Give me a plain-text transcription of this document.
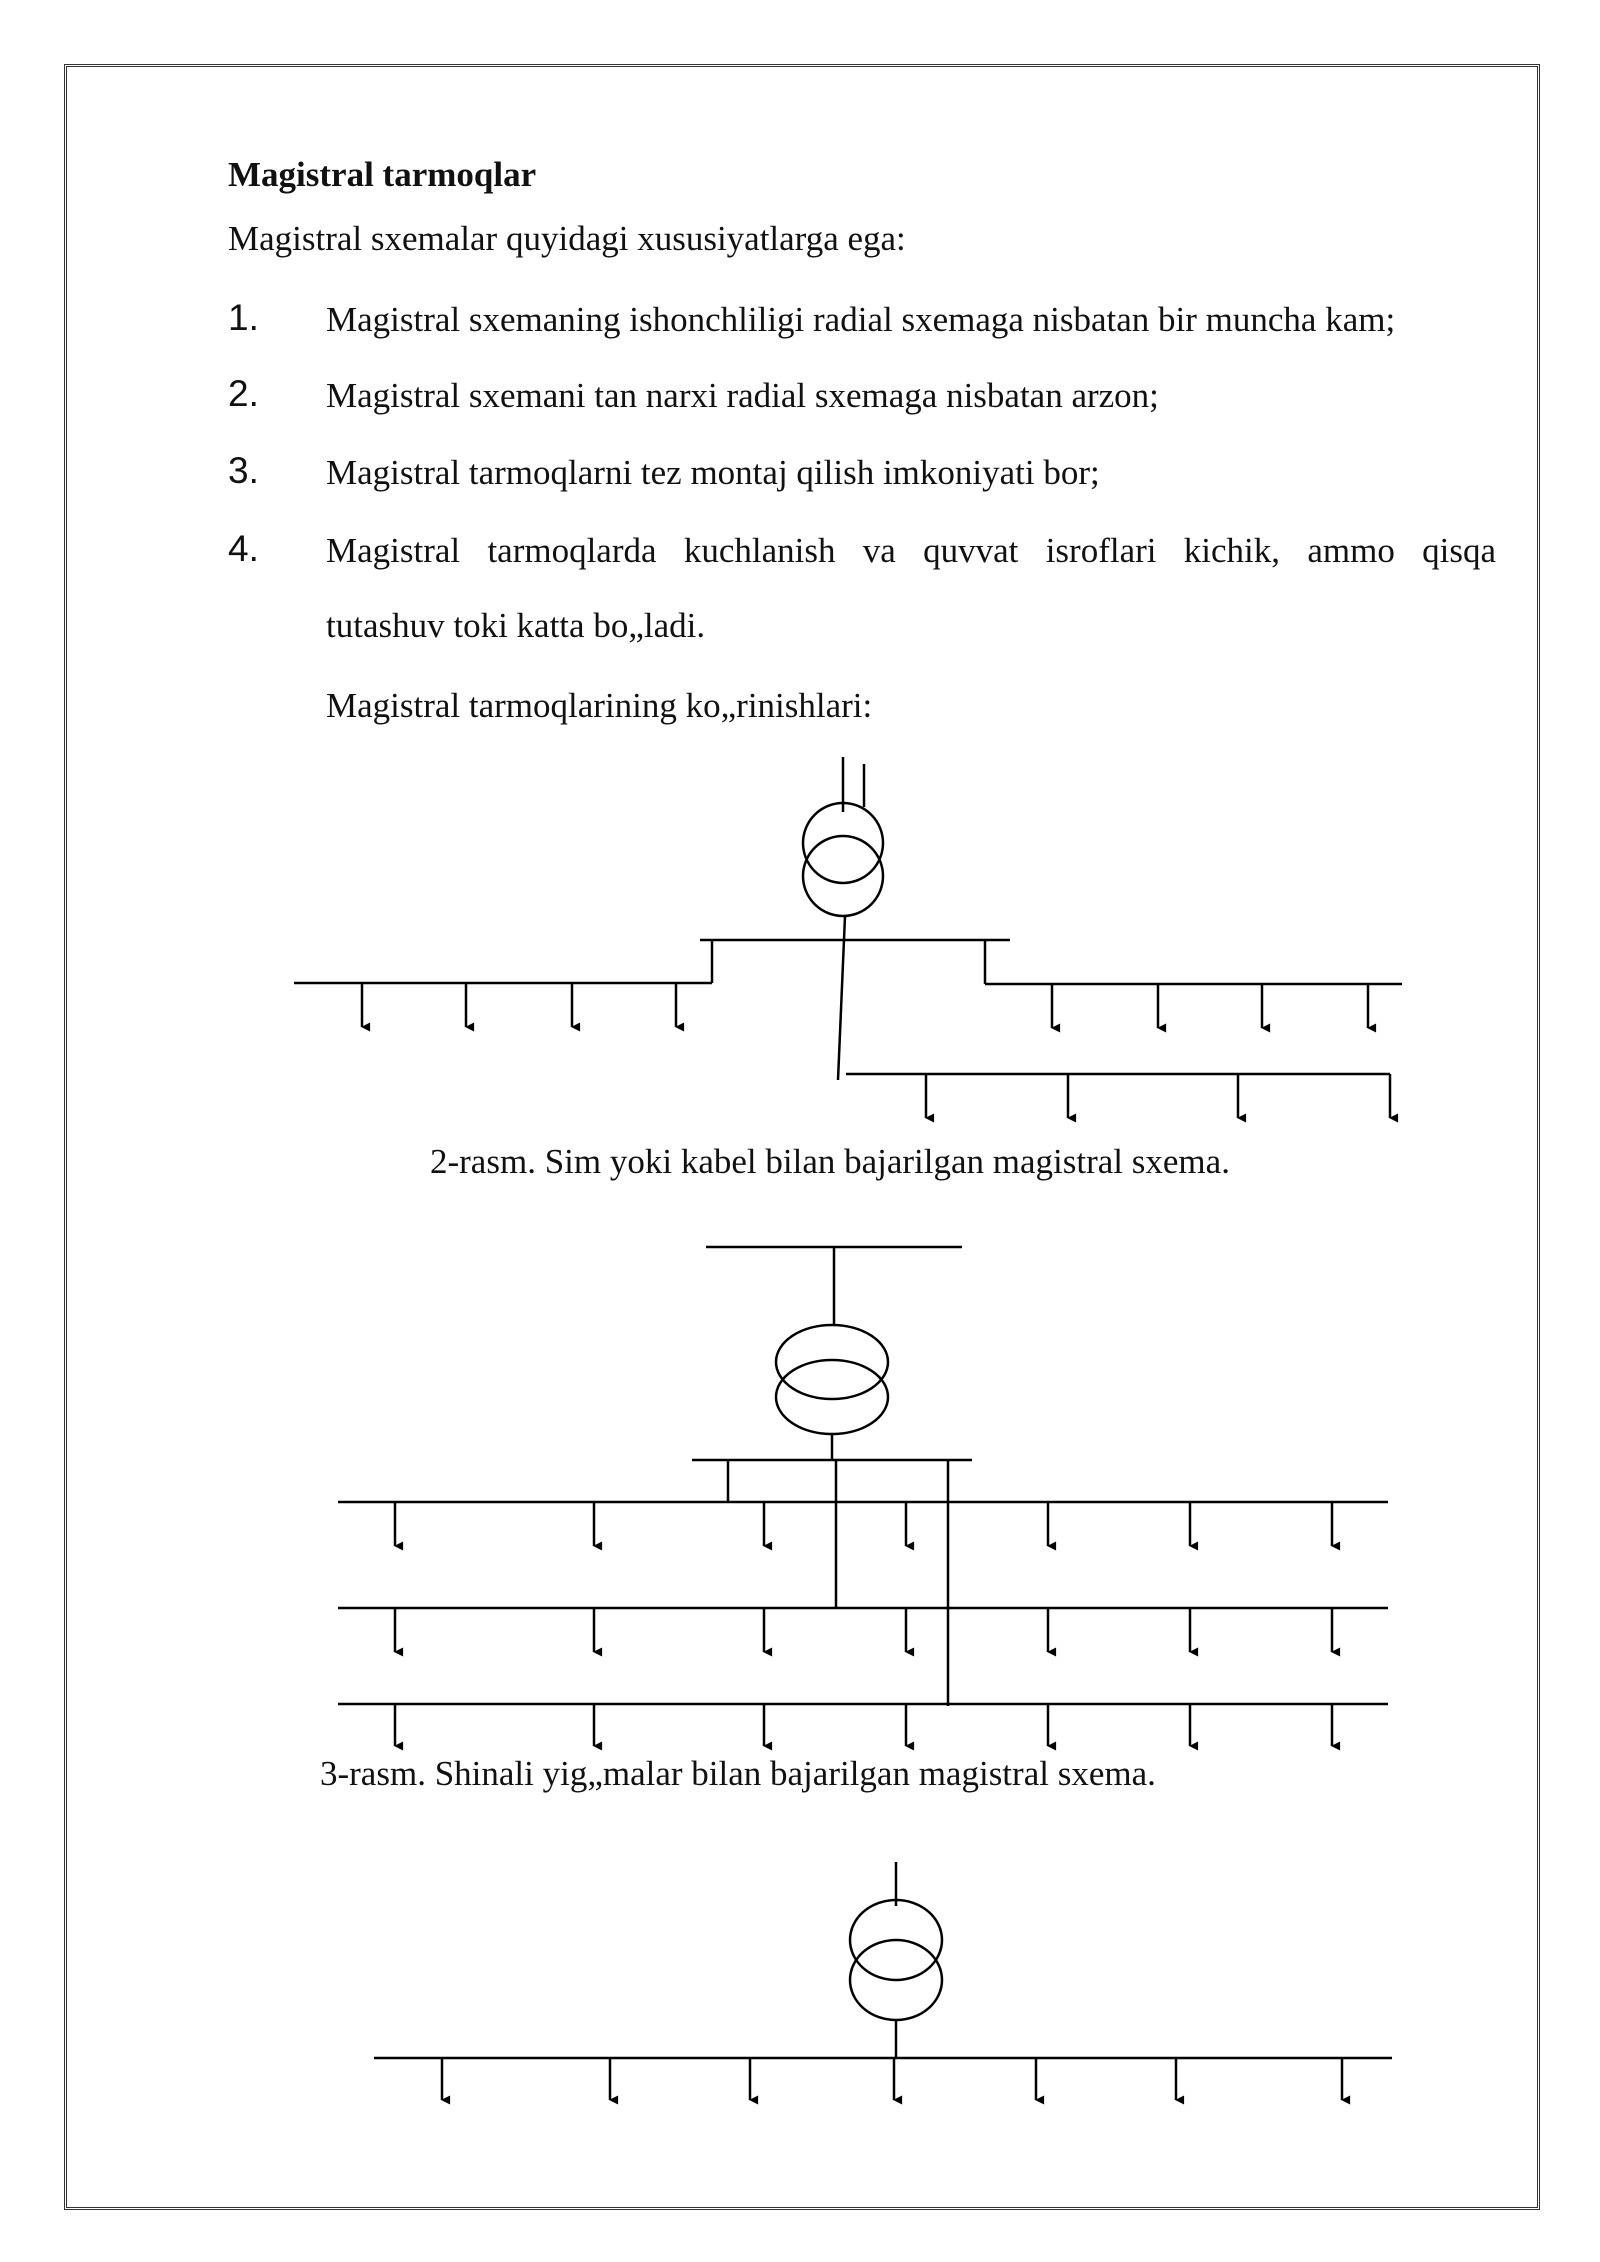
Magistral tarmoqlar
Magistral sxemalar quyidagi xususiyatlarga ega:
1. Magistral sxemaning ishonchliligi radial sxemaga nisbatan bir muncha kam;
2. Magistral sxemani tan narxi radial sxemaga nisbatan arzon;
3. Magistral tarmoqlarni tez montaj qilish imkoniyati bor;
4. Magistral tarmoqlarda kuchlanish va quvvat isroflari kichik, ammo qisqa
tutashuv toki katta bo„ladi.
Magistral tarmoqlarining ko„rinishlari:
2-rasm. Sim yoki kabel bilan bajarilgan magistral sxema.
3-rasm. Shinali yig„malar bilan bajarilgan magistral sxema.
